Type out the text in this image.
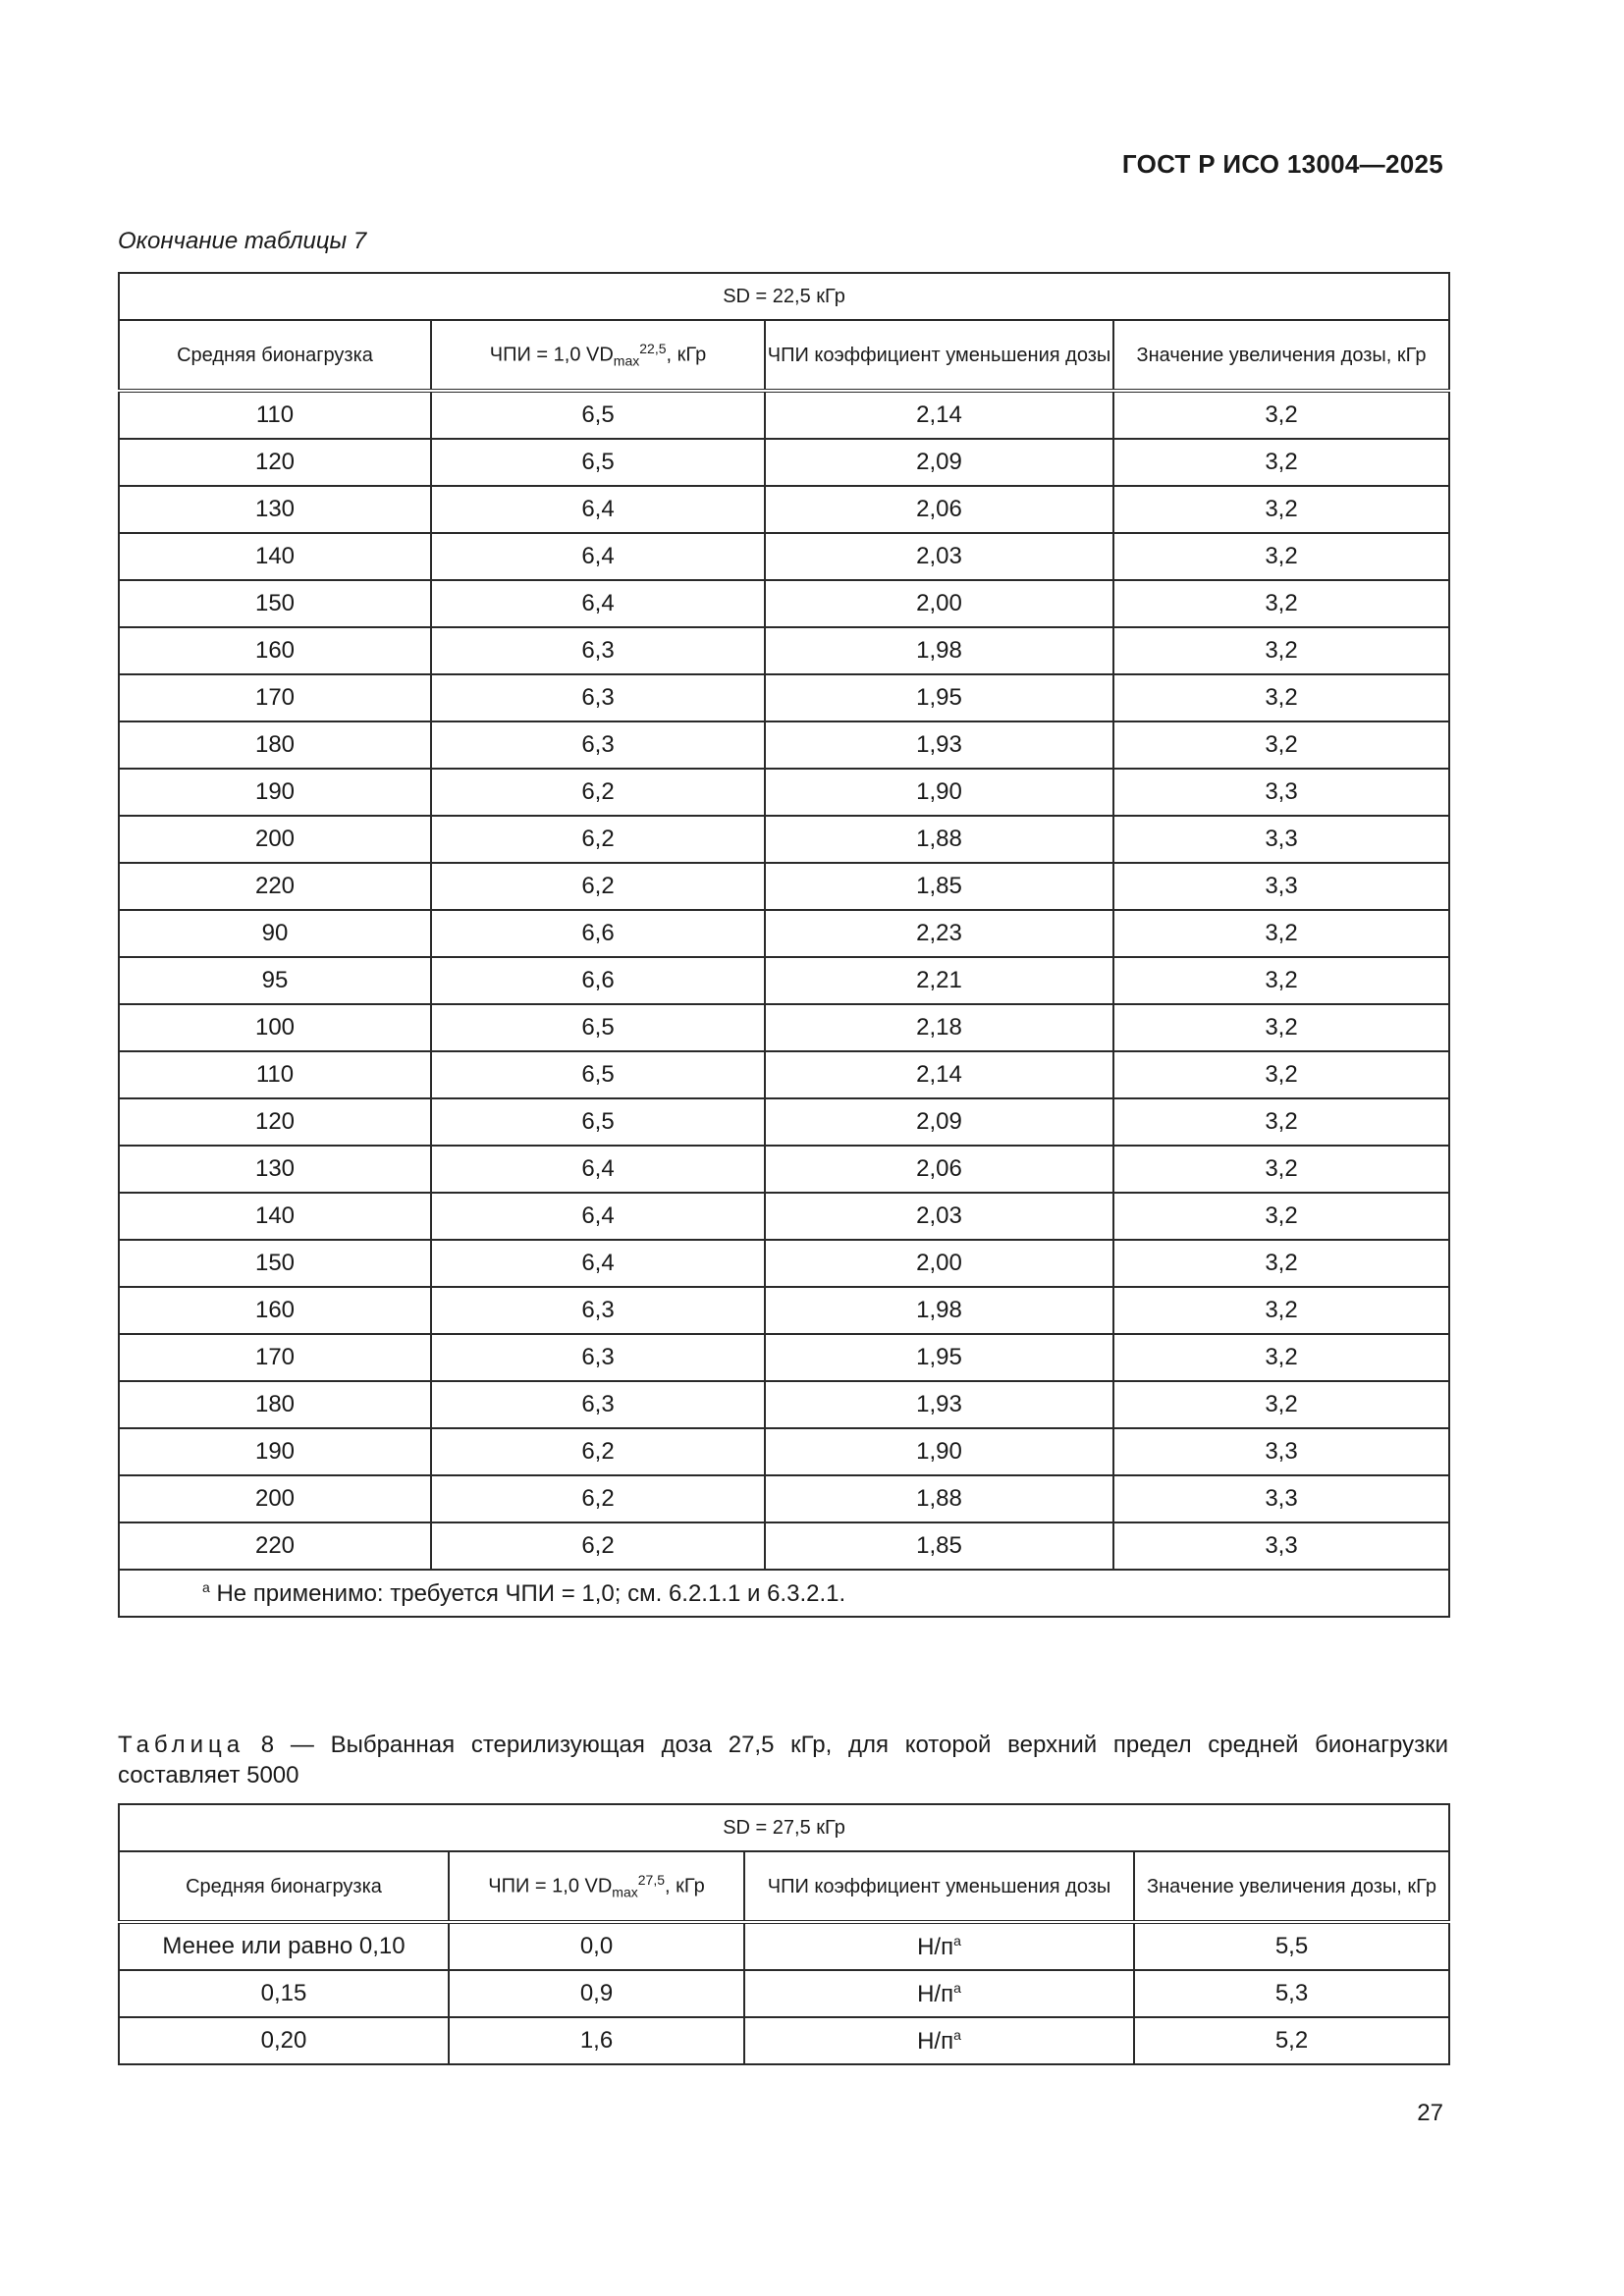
ГОСТ Р ИСО 13004—2025
Окончание таблицы 7
SD = 22,5 кГр			
Средняя бионагрузка	ЧПИ = 1,0 $VD_{max}^{22,5}$, кГр	ЧПИ коэффициент уменьшения дозы	Значение увеличения дозы, кГр
110	6,5	2,14	3,2
120	6,5	2,09	3,2
130	6,4	2,06	3,2
140	6,4	2,03	3,2
150	6,4	2,00	3,2
160	6,3	1,98	3,2
170	6,3	1,95	3,2
180	6,3	1,93	3,2
190	6,2	1,90	3,3
200	6,2	1,88	3,3
220	6,2	1,85	3,3
90	6,6	2,23	3,2
95	6,6	2,21	3,2
100	6,5	2,18	3,2
110	6,5	2,14	3,2
120	6,5	2,09	3,2
130	6,4	2,06	3,2
140	6,4	2,03	3,2
150	6,4	2,00	3,2
160	6,3	1,98	3,2
170	6,3	1,95	3,2
180	6,3	1,93	3,2
190	6,2	1,90	3,3
200	6,2	1,88	3,3
220	6,2	1,85	3,3
$^a$ Не применимо: требуется ЧПИ = 1,0; см. 6.2.1.1 и 6.3.2.1.			
Таблица 8 — Выбранная стерилизующая доза 27,5 кГр, для которой верхний предел средней бионагрузки составляет 5000
SD = 27,5 кГр			
Средняя бионагрузка	ЧПИ = 1,0 $VD_{max}^{27,5}$, кГр	ЧПИ коэффициент уменьшения дозы	Значение увеличения дозы, кГр
Менее или равно 0,10	0,0	$Н/п^a$	5,5
0,15	0,9	$Н/п^a$	5,3
0,20	1,6	$Н/п^a$	5,2
27
